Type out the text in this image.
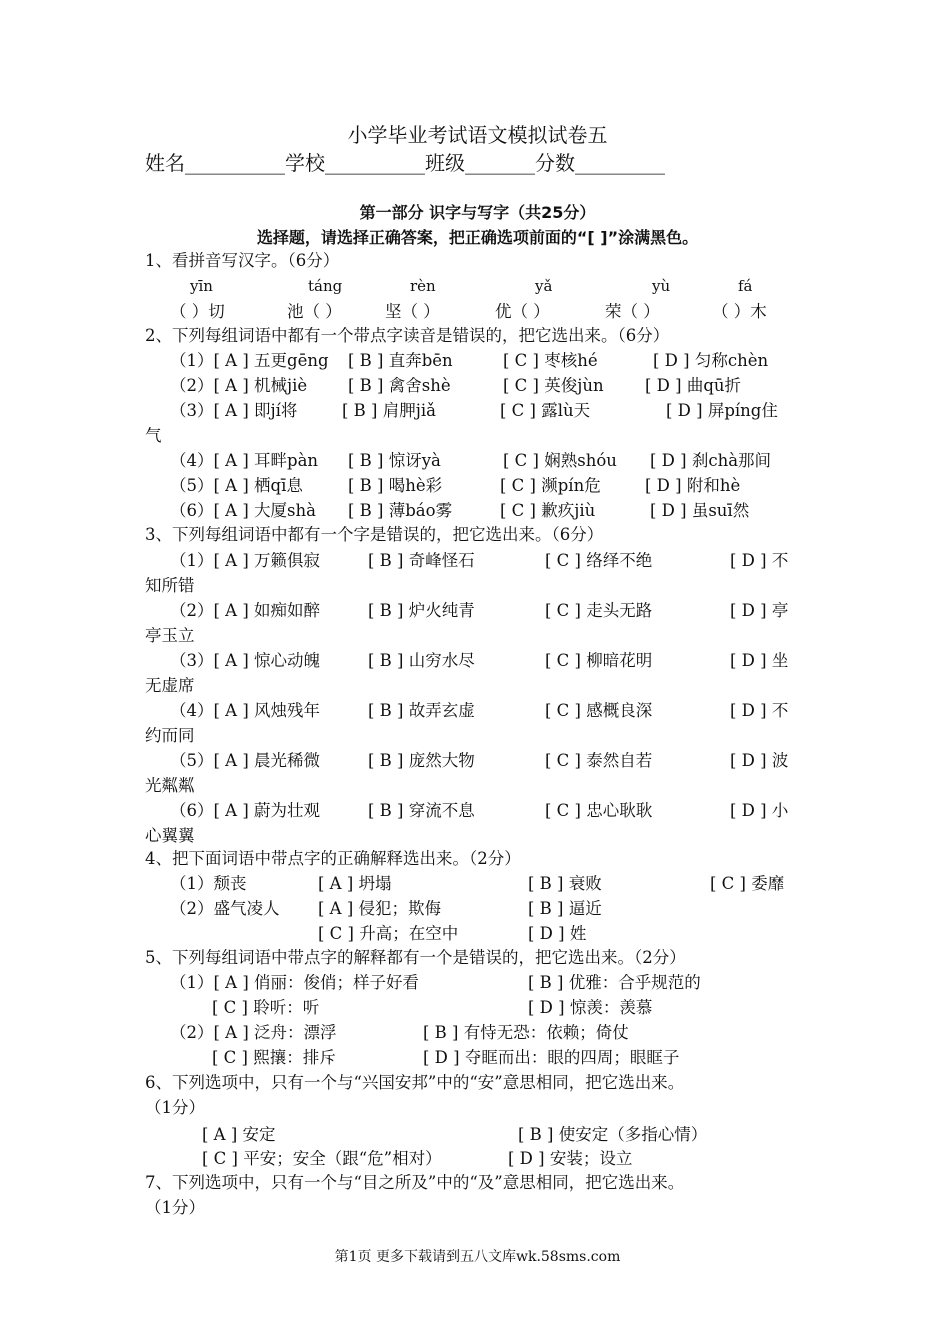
小学毕业考试语文模拟试卷五
姓名__________学校__________班级_______分数_________
第一部分 识字与写字（共25分）
选择题，请选择正确答案，把正确选项前面的“[ ]”涂满黑色。
1、看拼音写汉字。（6分）
yīn	táng	rèn	yǎ	yù	fá
（ ）切	池（ ）	坚（ ）	优（ ）	荣（ ）	（ ）木
2、下列每组词语中都有一个带点字读音是错误的，把它选出来。（6分）
（1）[ A ] 五更gēng [ B ] 直奔bēn	[ C ] 枣核hé	[ D ] 匀称chèn
（2）[ A ] 机械jiè [ B ] 禽舍shè	[ C ] 英俊jùn	[ D ] 曲qū折
（3）[ A ] 即jí将	[ B ] 肩胛jiǎ	[ C ] 露lù天	[ D ] 屏píng住
气
（4）[ A ] 耳畔pàn [ B ] 惊讶yà	[ C ] 娴熟shóu [ D ] 刹chà那间
（5）[ A ] 栖qī息	[ B ] 喝hè彩	[ C ] 濒pín危	[ D ] 附和hè
（6）[ A ] 大厦shà [ B ] 薄báo雾	[ C ] 歉疚jiù	[ D ] 虽suī然
3、下列每组词语中都有一个字是错误的，把它选出来。（6分）
（1）[ A ] 万籁俱寂	[ B ] 奇峰怪石	[ C ] 络绎不绝	[ D ] 不
知所错
（2）[ A ] 如痴如醉	[ B ] 炉火纯青	[ C ] 走头无路	[ D ] 亭
亭玉立
（3）[ A ] 惊心动魄	[ B ] 山穷水尽	[ C ] 柳暗花明	[ D ] 坐
无虚席
（4）[ A ] 风烛残年	[ B ] 故弄玄虚	[ C ] 感概良深	[ D ] 不
约而同
（5）[ A ] 晨光稀微	[ B ] 庞然大物	[ C ] 泰然自若	[ D ] 波
光粼粼
（6）[ A ] 蔚为壮观	[ B ] 穿流不息	[ C ] 忠心耿耿	[ D ] 小
心翼翼
4、把下面词语中带点字的正确解释选出来。（2分）
（1）颓丧	[ A ] 坍塌	[ B ] 衰败	[ C ] 委靡
（2）盛气凌人 [ A ] 侵犯；欺侮	[ B ] 逼近
[ C ] 升高；在空中	[ D ] 姓
5、下列每组词语中带点字的解释都有一个是错误的，把它选出来。（2分）
（1）[ A ] 俏丽：俊俏；样子好看	[ B ] 优雅：合乎规范的
[ C ] 聆听：听	[ D ] 惊羡：羡慕
（2）[ A ] 泛舟：漂浮	[ B ] 有恃无恐：依赖；倚仗
[ C ] 熙攘：排斥	[ D ] 夺眶而出：眼的四周；眼眶子
6、下列选项中，只有一个与“兴国安邦”中的“安”意思相同，把它选出来。
（1分）
[ A ] 安定	[ B ] 使安定（多指心情）
[ C ] 平安；安全（跟“危”相对）	[ D ] 安装；设立
7、下列选项中，只有一个与“目之所及”中的“及”意思相同，把它选出来。
（1分）
第1页 更多下载请到五八文库wk.58sms.com
